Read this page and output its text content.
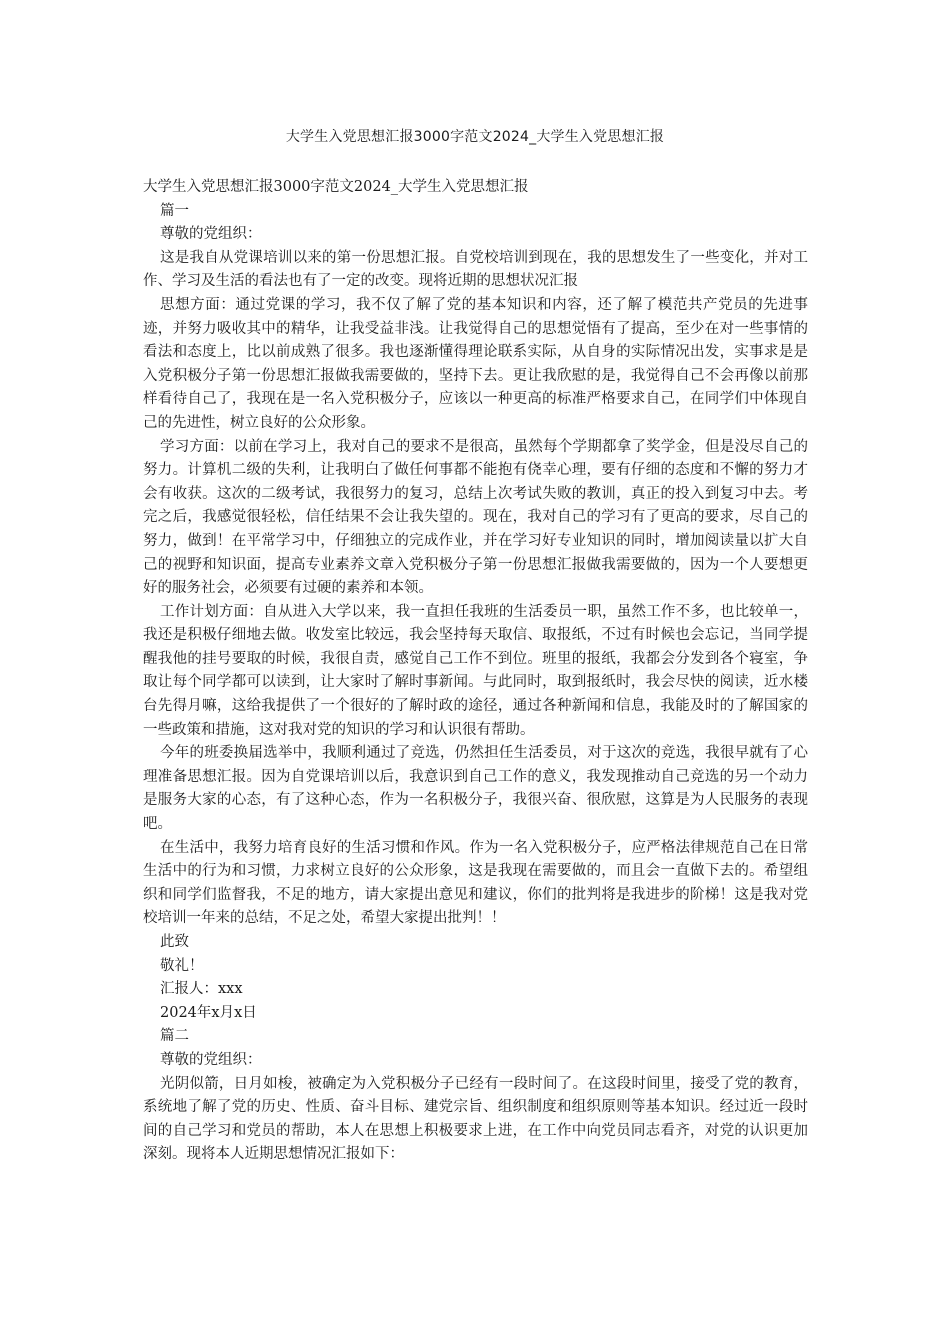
大学生入党思想汇报3000字范文2024_大学生入党思想汇报

大学生入党思想汇报3000字范文2024_大学生入党思想汇报

篇一

尊敬的党组织：

这是我自从党课培训以来的第一份思想汇报。自党校培训到现在，我的思想发生了一些变化，并对工作、学习及生活的看法也有了一定的改变。现将近期的思想状况汇报

思想方面：通过党课的学习，我不仅了解了党的基本知识和内容，还了解了模范共产党员的先进事迹，并努力吸收其中的精华，让我受益非浅。让我觉得自己的思想觉悟有了提高，至少在对一些事情的看法和态度上，比以前成熟了很多。我也逐渐懂得理论联系实际，从自身的实际情况出发，实事求是是入党积极分子第一份思想汇报做我需要做的，坚持下去。更让我欣慰的是，我觉得自己不会再像以前那样看待自己了，我现在是一名入党积极分子，应该以一种更高的标准严格要求自己，在同学们中体现自己的先进性，树立良好的公众形象。

学习方面：以前在学习上，我对自己的要求不是很高，虽然每个学期都拿了奖学金，但是没尽自己的努力。计算机二级的失利，让我明白了做任何事都不能抱有侥幸心理，要有仔细的态度和不懈的努力才会有收获。这次的二级考试，我很努力的复习，总结上次考试失败的教训，真正的投入到复习中去。考完之后，我感觉很轻松，信任结果不会让我失望的。现在，我对自己的学习有了更高的要求，尽自己的努力，做到！在平常学习中，仔细独立的完成作业，并在学习好专业知识的同时，增加阅读量以扩大自己的视野和知识面，提高专业素养文章入党积极分子第一份思想汇报做我需要做的，因为一个人要想更好的服务社会，必须要有过硬的素养和本领。

工作计划方面：自从进入大学以来，我一直担任我班的生活委员一职，虽然工作不多，也比较单一，我还是积极仔细地去做。收发室比较远，我会坚持每天取信、取报纸，不过有时候也会忘记，当同学提醒我他的挂号要取的时候，我很自责，感觉自己工作不到位。班里的报纸，我都会分发到各个寝室，争取让每个同学都可以读到，让大家时了解时事新闻。与此同时，取到报纸时，我会尽快的阅读，近水楼台先得月嘛，这给我提供了一个很好的了解时政的途径，通过各种新闻和信息，我能及时的了解国家的一些政策和措施，这对我对党的知识的学习和认识很有帮助。

今年的班委换届选举中，我顺利通过了竞选，仍然担任生活委员，对于这次的竞选，我很早就有了心理准备思想汇报。因为自党课培训以后，我意识到自己工作的意义，我发现推动自己竞选的另一个动力是服务大家的心态，有了这种心态，作为一名积极分子，我很兴奋、很欣慰，这算是为人民服务的表现吧。

在生活中，我努力培育良好的生活习惯和作风。作为一名入党积极分子，应严格法律规范自己在日常生活中的行为和习惯，力求树立良好的公众形象，这是我现在需要做的，而且会一直做下去的。希望组织和同学们监督我，不足的地方，请大家提出意见和建议，你们的批判将是我进步的阶梯！这是我对党校培训一年来的总结，不足之处，希望大家提出批判！！

此致

敬礼！

汇报人：xxx

2024年x月x日

篇二

尊敬的党组织：

光阴似箭，日月如梭，被确定为入党积极分子已经有一段时间了。在这段时间里，接受了党的教育，系统地了解了党的历史、性质、奋斗目标、建党宗旨、组织制度和组织原则等基本知识。经过近一段时间的自己学习和党员的帮助，本人在思想上积极要求上进，在工作中向党员同志看齐，对党的认识更加深刻。现将本人近期思想情况汇报如下：
